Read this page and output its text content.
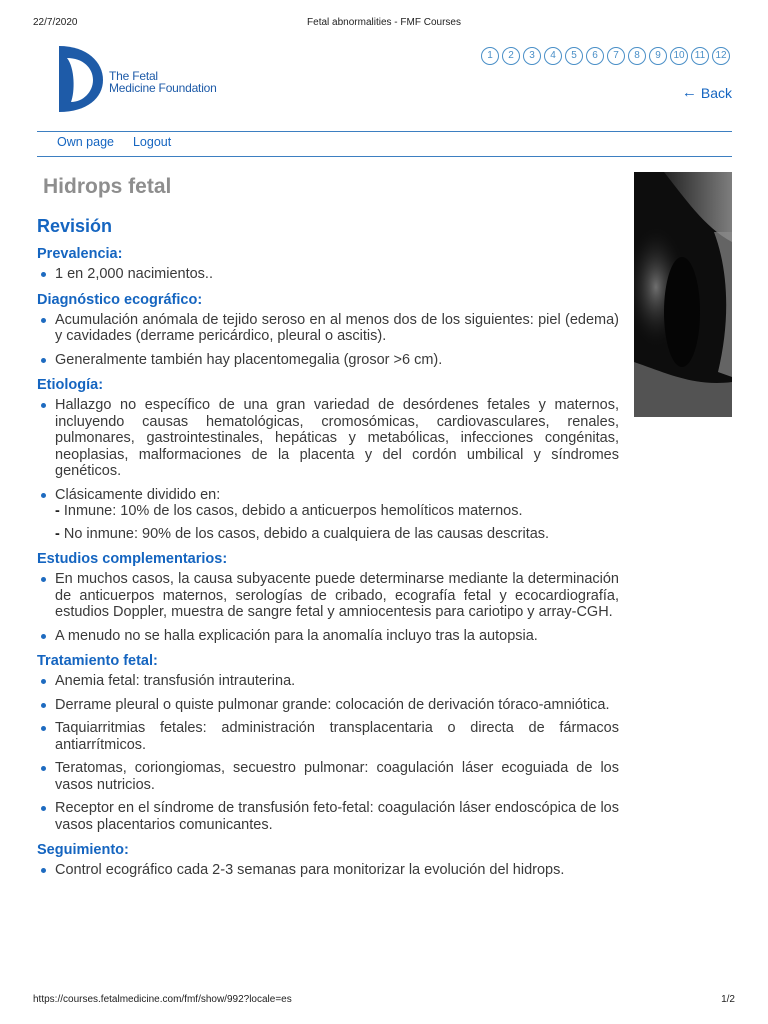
22/7/2020	Fetal abnormalities - FMF Courses
The Fetal
Medicine Foundation
1	2	3	4	5	6	7	8	9	10	11	12
← Back
Own page Logout
Hidrops fetal
Revisión
Prevalencia:
1 en 2,000 nacimientos..
Diagnóstico ecográfico:
Acumulación anómala de tejido seroso en al menos dos de los siguientes: piel (edema) y cavidades (derrame pericárdico, pleural o ascitis).
Generalmente también hay placentomegalia (grosor >6 cm).
Etiología:
Hallazgo no específico de una gran variedad de desórdenes fetales y maternos, incluyendo causas hematológicas, cromosómicas, cardiovasculares, renales, pulmonares, gastrointestinales, hepáticas y metabólicas, infecciones congénitas, neoplasias, malformaciones de la placenta y del cordón umbilical y síndromes genéticos.
Clásicamente dividido en:
- Inmune: 10% de los casos, debido a anticuerpos hemolíticos maternos.
- No inmune: 90% de los casos, debido a cualquiera de las causas descritas.
Estudios complementarios:
En muchos casos, la causa subyacente puede determinarse mediante la determinación de anticuerpos maternos, serologías de cribado, ecografía fetal y ecocardiografía, estudios Doppler, muestra de sangre fetal y amniocentesis para cariotipo y array-CGH.
A menudo no se halla explicación para la anomalía incluyo tras la autopsia.
Tratamiento fetal:
Anemia fetal: transfusión intrauterina.
Derrame pleural o quiste pulmonar grande: colocación de derivación tóraco-amniótica.
Taquiarritmias fetales: administración transplacentaria o directa de fármacos antiarrítmicos.
Teratomas, coriongiomas, secuestro pulmonar: coagulación láser ecoguiada de los vasos nutricios.
Receptor en el síndrome de transfusión feto-fetal: coagulación láser endoscópica de los vasos placentarios comunicantes.
Seguimiento:
Control ecográfico cada 2-3 semanas para monitorizar la evolución del hidrops.
https://courses.fetalmedicine.com/fmf/show/992?locale=es	1/2
